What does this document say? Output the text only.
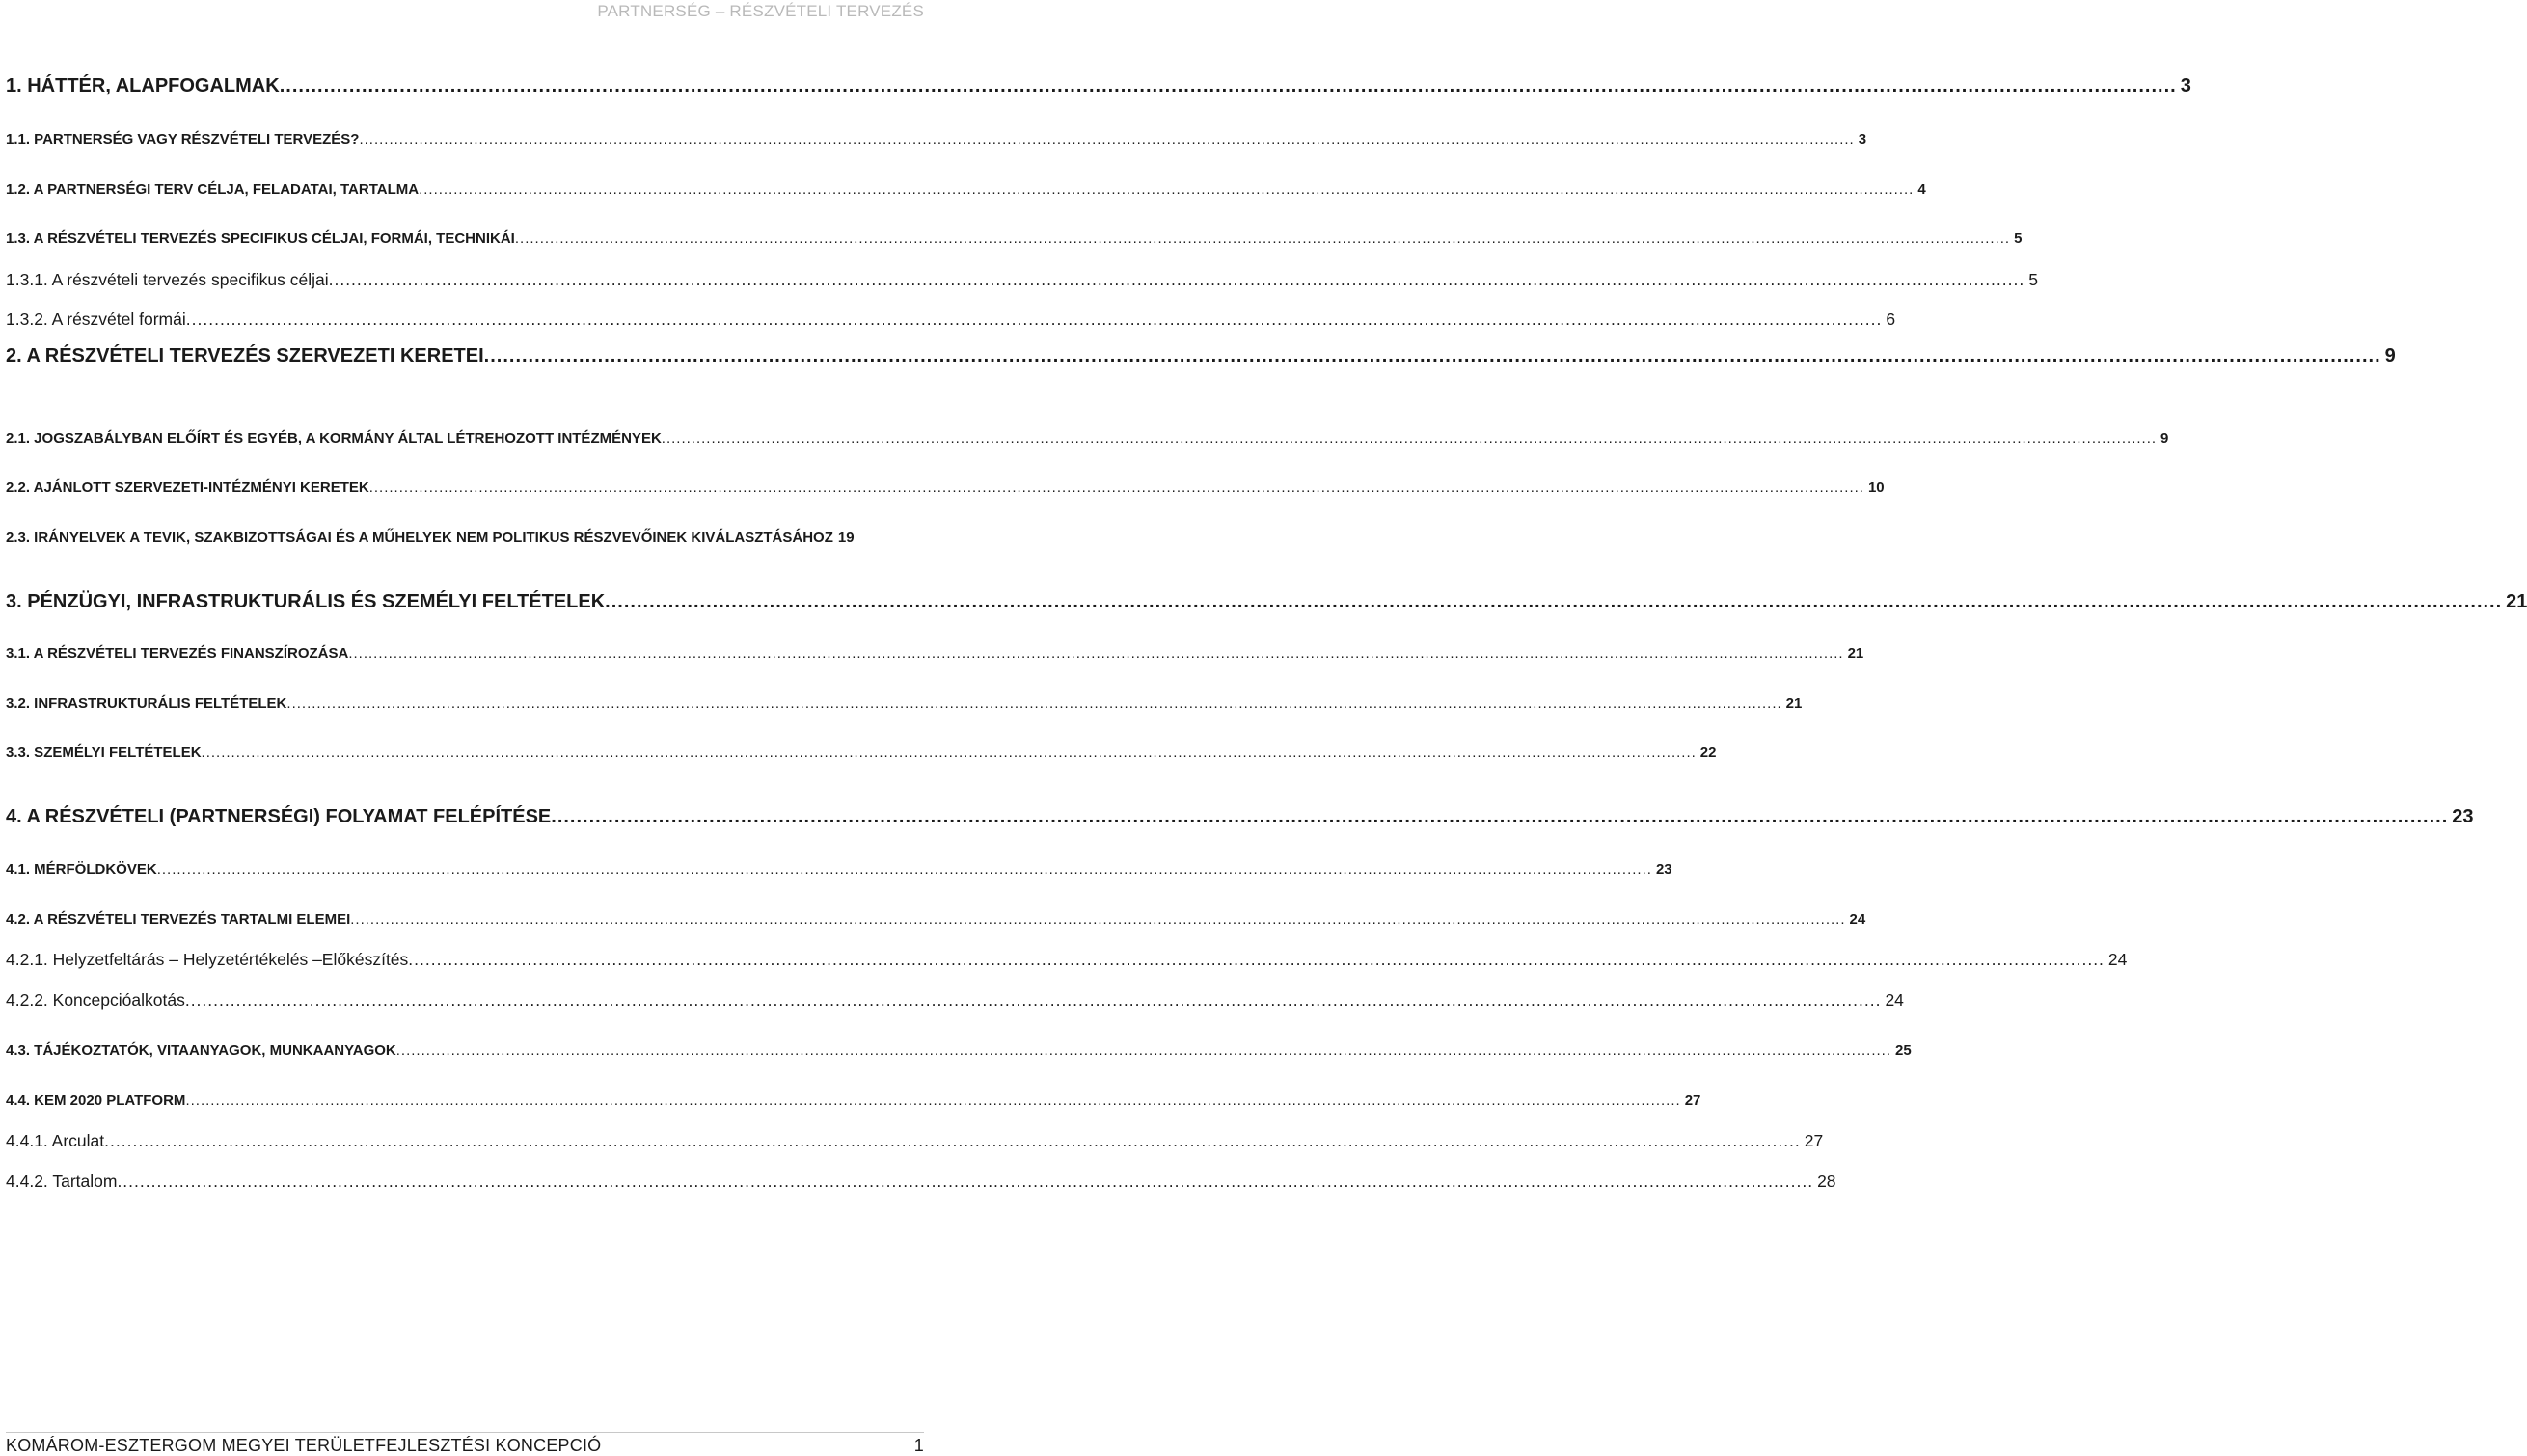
PARTNERSÉG – RÉSZVÉTELI TERVEZÉS
1. HÁTTÉR, ALAPFOGALMAK .....	3
1.1. PARTNERSÉG VAGY RÉSZVÉTELI TERVEZÉS? .....	3
1.2. A PARTNERSÉGI TERV CÉLJA, FELADATAI, TARTALMA .....	4
1.3. A RÉSZVÉTELI TERVEZÉS SPECIFIKUS CÉLJAI, FORMÁI, TECHNIKÁI .....	5
1.3.1. A részvételi tervezés specifikus céljai .....	5
1.3.2. A részvétel formái .....	6
2. A RÉSZVÉTELI TERVEZÉS SZERVEZETI KERETEI .....	9
2.1. JOGSZABÁLYBAN ELŐÍRT ÉS EGYÉB, A KORMÁNY ÁLTAL LÉTREHOZOTT INTÉZMÉNYEK .....	9
2.2. AJÁNLOTT SZERVEZETI-INTÉZMÉNYI KERETEK .....	10
2.3. IRÁNYELVEK A TEVIK, SZAKBIZOTTSÁGAI ÉS A MŰHELYEK NEM POLITIKUS RÉSZVEVŐINEK KIVÁLASZTÁSÁHOZ 19
3. PÉNZÜGYI, INFRASTRUKTURÁLIS ÉS SZEMÉLYI FELTÉTELEK .....	21
3.1. A RÉSZVÉTELI TERVEZÉS FINANSZÍROZÁSA .....	21
3.2. INFRASTRUKTURÁLIS FELTÉTELEK .....	21
3.3. SZEMÉLYI FELTÉTELEK .....	22
4. A RÉSZVÉTELI (PARTNERSÉGI) FOLYAMAT FELÉPÍTÉSE .....	23
4.1. MÉRFÖLDKÖVEK .....	23
4.2. A RÉSZVÉTELI TERVEZÉS TARTALMI ELEMEI .....	24
4.2.1. Helyzetfeltárás – Helyzetértékelés –Előkészítés .....	24
4.2.2. Koncepcióalkotás .....	24
4.3. TÁJÉKOZTATÓK, VITAANYAGOK, MUNKAANYAGOK .....	25
4.4. KEM 2020 PLATFORM .....	27
4.4.1. Arculat .....	27
4.4.2. Tartalom .....	28
KOMÁROM-ESZTERGOM MEGYEI TERÜLETFEJLESZTÉSI KONCEPCIÓ	1
